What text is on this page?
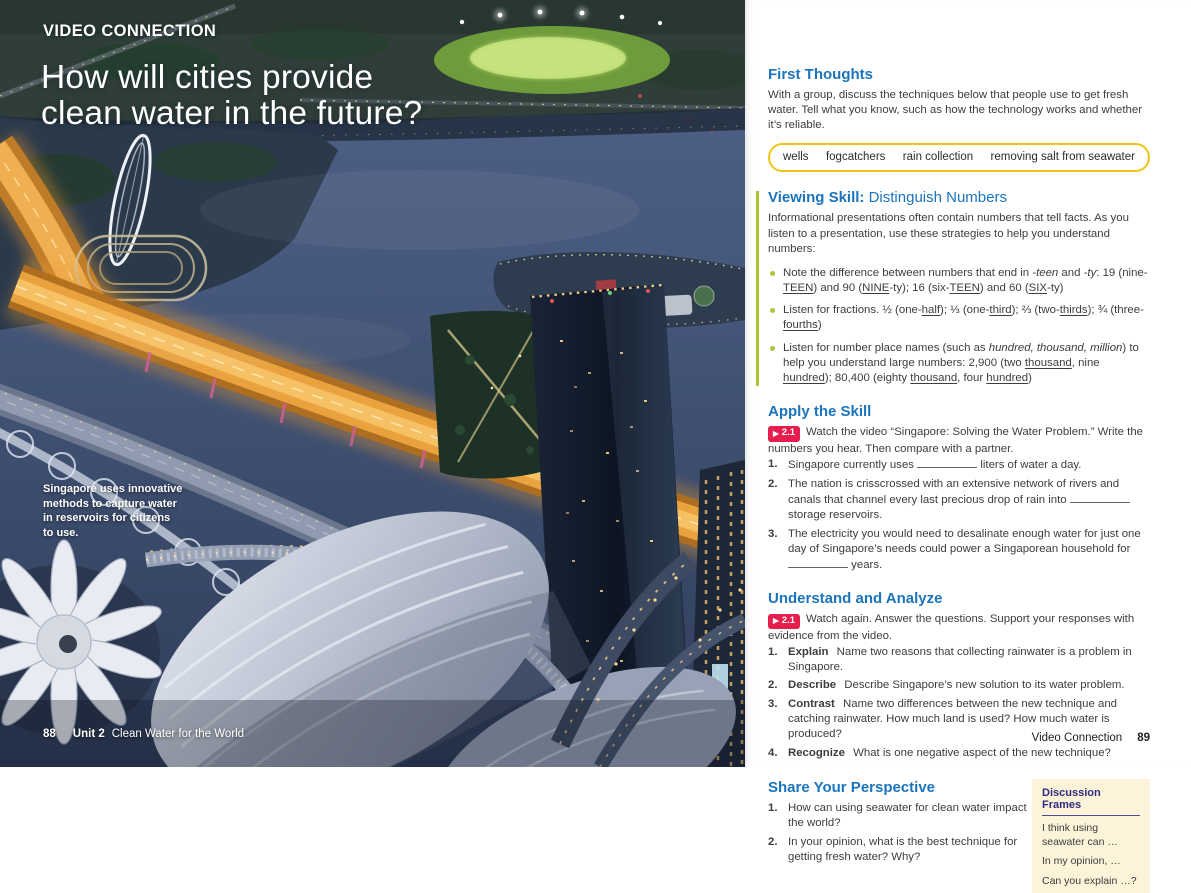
VIDEO CONNECTION
How will cities provide
clean water in the future?
Singapore uses innovative methods to capture water in reservoirs for citizens to use.
88 Unit 2 Clean Water for the World
First Thoughts

With a group, discuss the techniques below that people use to get fresh water. Tell what you know, such as how the technology works and whether it’s reliable.

wells fogcatchers rain collection removing salt from seawater
Viewing Skill: Distinguish Numbers

Informational presentations often contain numbers that tell facts. As you listen to a presentation, use these strategies to help you understand numbers:

Note the difference between numbers that end in -teen and -ty: 19 (nine-TEEN) and 90 (NINE-ty); 16 (six-TEEN) and 60 (SIX-ty)
Listen for fractions. ½ (one-half); ⅓ (one-third); ⅔ (two-thirds); ¾ (three-fourths)
Listen for number place names (such as hundred, thousand, million) to help you understand large numbers: 2,900 (two thousand, nine hundred); 80,400 (eighty thousand, four hundred)
Apply the Skill

▶ 2.1 Watch the video “Singapore: Solving the Water Problem.” Write the numbers you hear. Then compare with a partner.

1. Singapore currently uses	liters of water a day.
2. The nation is crisscrossed with an extensive network of rivers and canals that channel every last precious drop of rain into  storage reservoirs.
3. The electricity you would need to desalinate enough water for just one day of Singapore’s needs could power a Singaporean household for  years.
Understand and Analyze

▶ 2.1 Watch again. Answer the questions. Support your responses with evidence from the video.

1. Explain Name two reasons that collecting rainwater is a problem in Singapore.
2. Describe Describe Singapore’s new solution to its water problem.
3. Contrast Name two differences between the new technique and catching rainwater. How much land is used? How much water is produced?
4. Recognize What is one negative aspect of the new technique?
Share Your Perspective
1. How can using seawater for clean water impact the world?
2. In your opinion, what is the best technique for getting fresh water? Why?
Discussion Frames

I think using seawater can …

In my opinion, …

Can you explain …?

Video Connection 89
